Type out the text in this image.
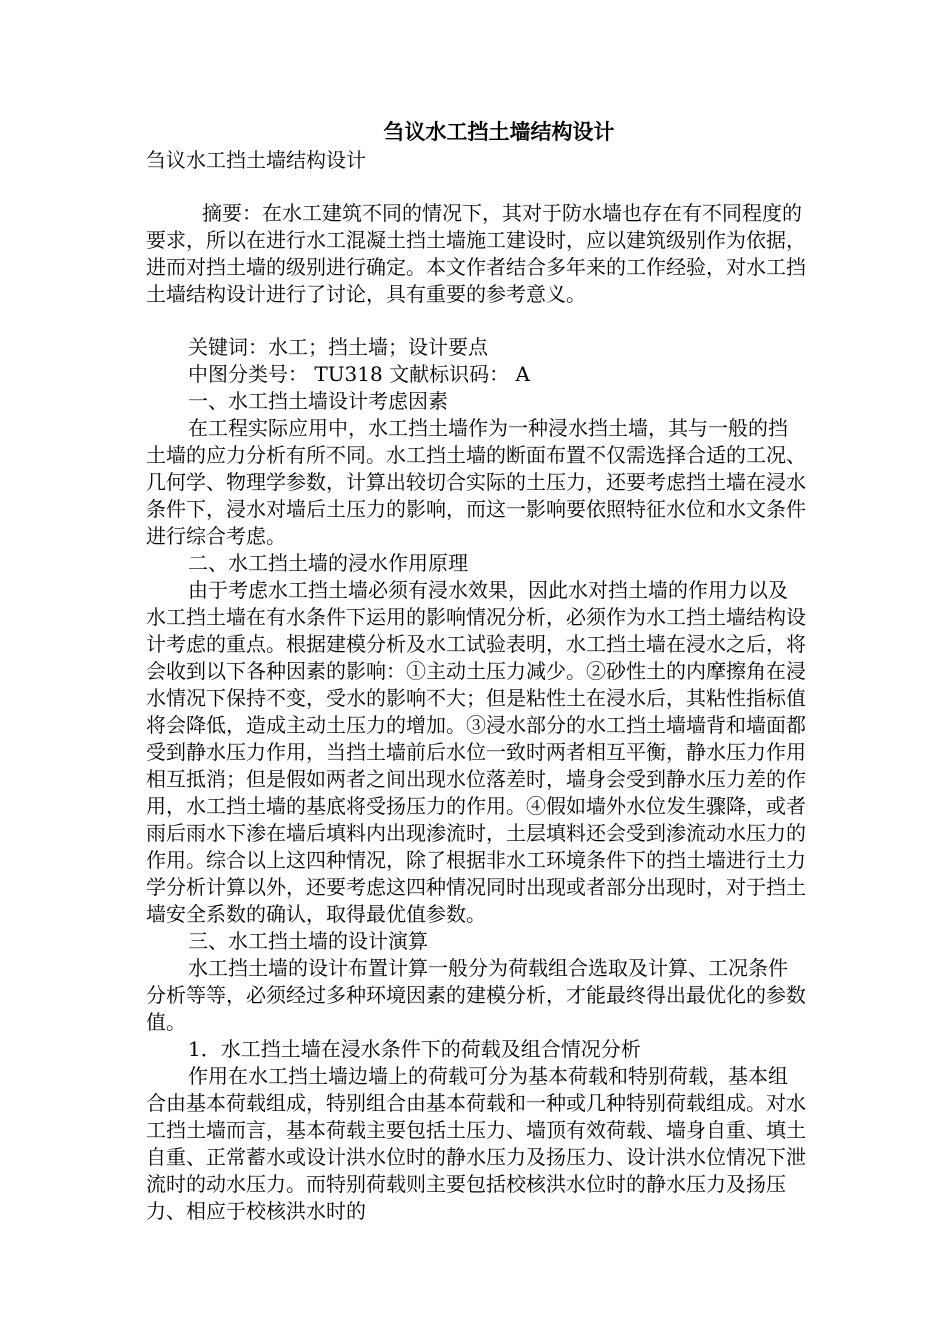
刍议水工挡土墙结构设计

刍议水工挡土墙结构设计

摘要：在水工建筑不同的情况下，其对于防水墙也存在有不同程度的要求，所以在进行水工混凝土挡土墙施工建设时，应以建筑级别作为依据，进而对挡土墙的级别进行确定。本文作者结合多年来的工作经验，对水工挡土墙结构设计进行了讨论，具有重要的参考意义。

关键词：水工；挡土墙；设计要点

中图分类号： TU318 文献标识码： A

一、水工挡土墙设计考虑因素

在工程实际应用中，水工挡土墙作为一种浸水挡土墙，其与一般的挡土墙的应力分析有所不同。水工挡土墙的断面布置不仅需选择合适的工况、几何学、物理学参数，计算出较切合实际的土压力，还要考虑挡土墙在浸水条件下，浸水对墙后土压力的影响，而这一影响要依照特征水位和水文条件进行综合考虑。

二、水工挡土墙的浸水作用原理

由于考虑水工挡土墙必须有浸水效果，因此水对挡土墙的作用力以及水工挡土墙在有水条件下运用的影响情况分析，必须作为水工挡土墙结构设计考虑的重点。根据建模分析及水工试验表明，水工挡土墙在浸水之后，将会收到以下各种因素的影响：①主动土压力减少。②砂性土的内摩擦角在浸水情况下保持不变，受水的影响不大；但是粘性土在浸水后，其粘性指标值将会降低，造成主动土压力的增加。③浸水部分的水工挡土墙墙背和墙面都受到静水压力作用，当挡土墙前后水位一致时两者相互平衡，静水压力作用相互抵消；但是假如两者之间出现水位落差时，墙身会受到静水压力差的作用，水工挡土墙的基底将受扬压力的作用。④假如墙外水位发生骤降，或者雨后雨水下渗在墙后填料内出现渗流时，土层填料还会受到渗流动水压力的作用。综合以上这四种情况，除了根据非水工环境条件下的挡土墙进行土力学分析计算以外，还要考虑这四种情况同时出现或者部分出现时，对于挡土墙安全系数的确认，取得最优值参数。

三、水工挡土墙的设计演算

水工挡土墙的设计布置计算一般分为荷载组合选取及计算、工况条件分析等等，必须经过多种环境因素的建模分析，才能最终得出最优化的参数值。

1．水工挡土墙在浸水条件下的荷载及组合情况分析

作用在水工挡土墙边墙上的荷载可分为基本荷载和特别荷载，基本组合由基本荷载组成，特别组合由基本荷载和一种或几种特别荷载组成。对水工挡土墙而言，基本荷载主要包括土压力、墙顶有效荷载、墙身自重、填土自重、正常蓄水或设计洪水位时的静水压力及扬压力、设计洪水位情况下泄流时的动水压力。而特别荷载则主要包括校核洪水位时的静水压力及扬压力、相应于校核洪水时的
